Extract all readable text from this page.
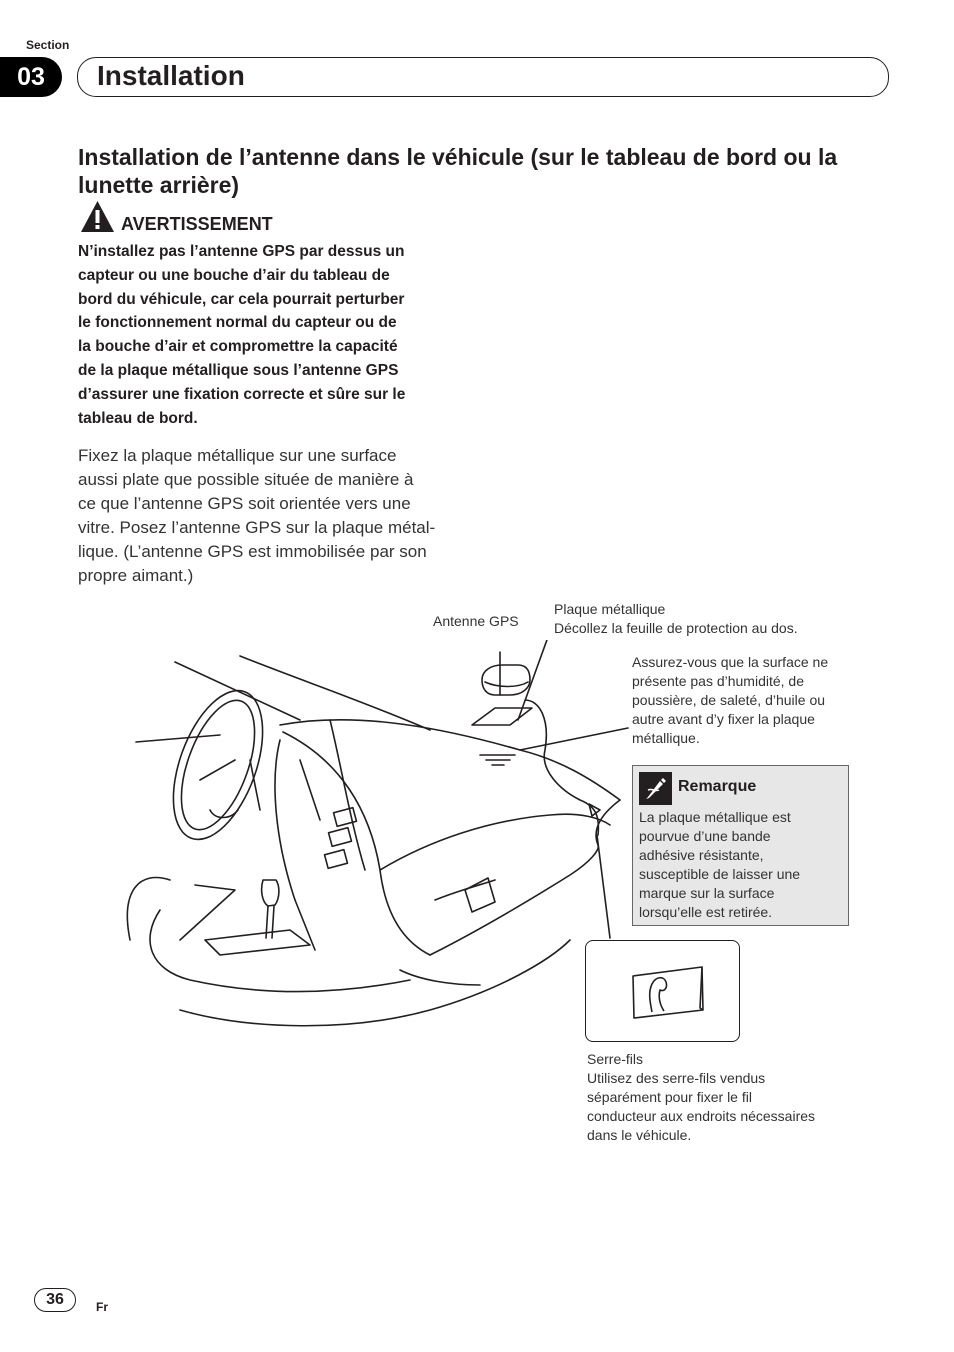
Section
03	Installation
Installation de l’antenne dans le véhicule (sur le tableau de bord ou la lunette arrière)
AVERTISSEMENT
N’installez pas l’antenne GPS par dessus un
capteur ou une bouche d’air du tableau de
bord du véhicule, car cela pourrait perturber
le fonctionnement normal du capteur ou de
la bouche d’air et compromettre la capacité
de la plaque métallique sous l’antenne GPS
d’assurer une fixation correcte et sûre sur le
tableau de bord.
Fixez la plaque métallique sur une surface
aussi plate que possible située de manière à
ce que l’antenne GPS soit orientée vers une
vitre. Posez l’antenne GPS sur la plaque métal-
lique. (L’antenne GPS est immobilisée par son
propre aimant.)
Antenne GPS
Plaque métallique
Décollez la feuille de protection au dos.
Assurez-vous que la surface ne
présente pas d’humidité, de
poussière, de saleté, d’huile ou
autre avant d’y fixer la plaque
métallique.
Serre-fils
Utilisez des serre-fils vendus
séparément pour fixer le fil
conducteur aux endroits nécessaires
dans le véhicule.
Remarque
La plaque métallique est
pourvue d’une bande
adhésive résistante,
susceptible de laisser une
marque sur la surface
lorsqu’elle est retirée.
36	Fr
